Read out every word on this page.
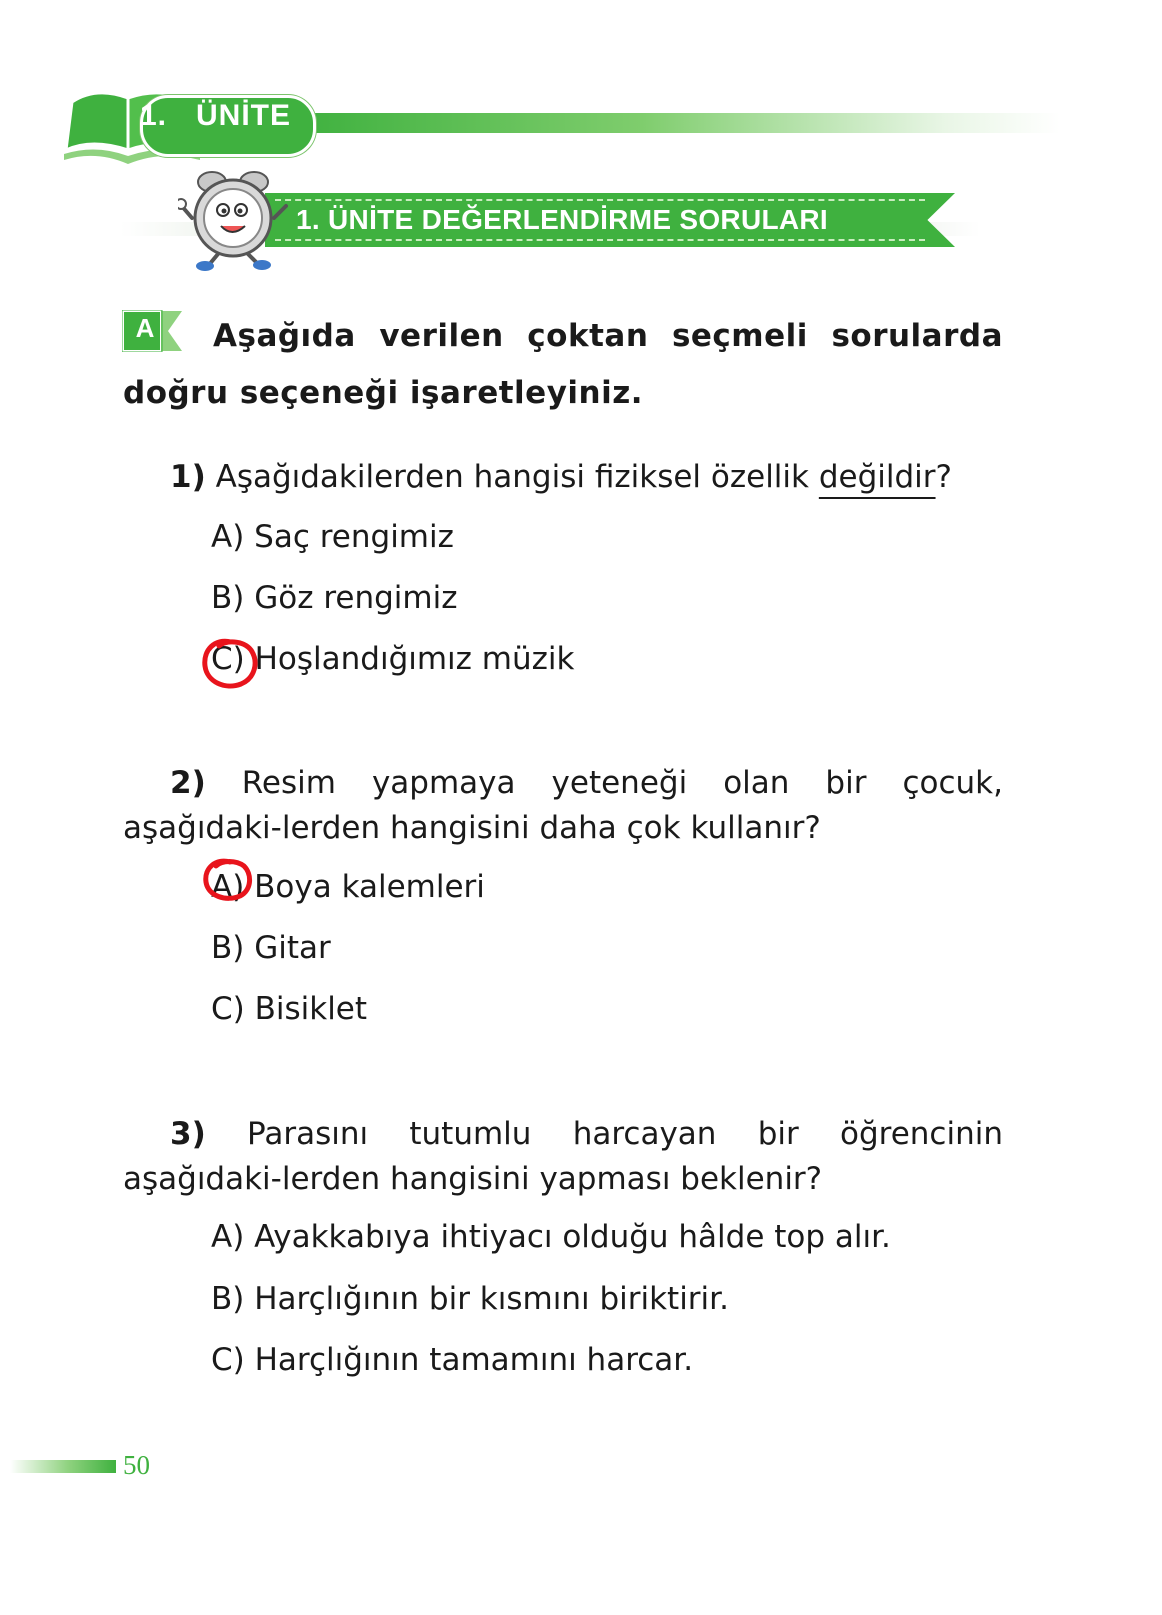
1. ÜNİTE
1. ÜNİTE DEĞERLENDİRME SORULARI
A	Aşağıda verilen çoktan seçmeli sorularda doğru seçeneği işaretleyiniz.
1) Aşağıdakilerden hangisi fiziksel özellik değildir?
A) Saç rengimiz
B) Göz rengimiz
C) Hoşlandığımız müzik
2) Resim yapmaya yeteneği olan bir çocuk, aşağıdaki-lerden hangisini daha çok kullanır?
A) Boya kalemleri
B) Gitar
C) Bisiklet
3) Parasını tutumlu harcayan bir öğrencinin aşağıdaki-lerden hangisini yapması beklenir?
A) Ayakkabıya ihtiyacı olduğu hâlde top alır.
B) Harçlığının bir kısmını biriktirir.
C) Harçlığının tamamını harcar.
50
